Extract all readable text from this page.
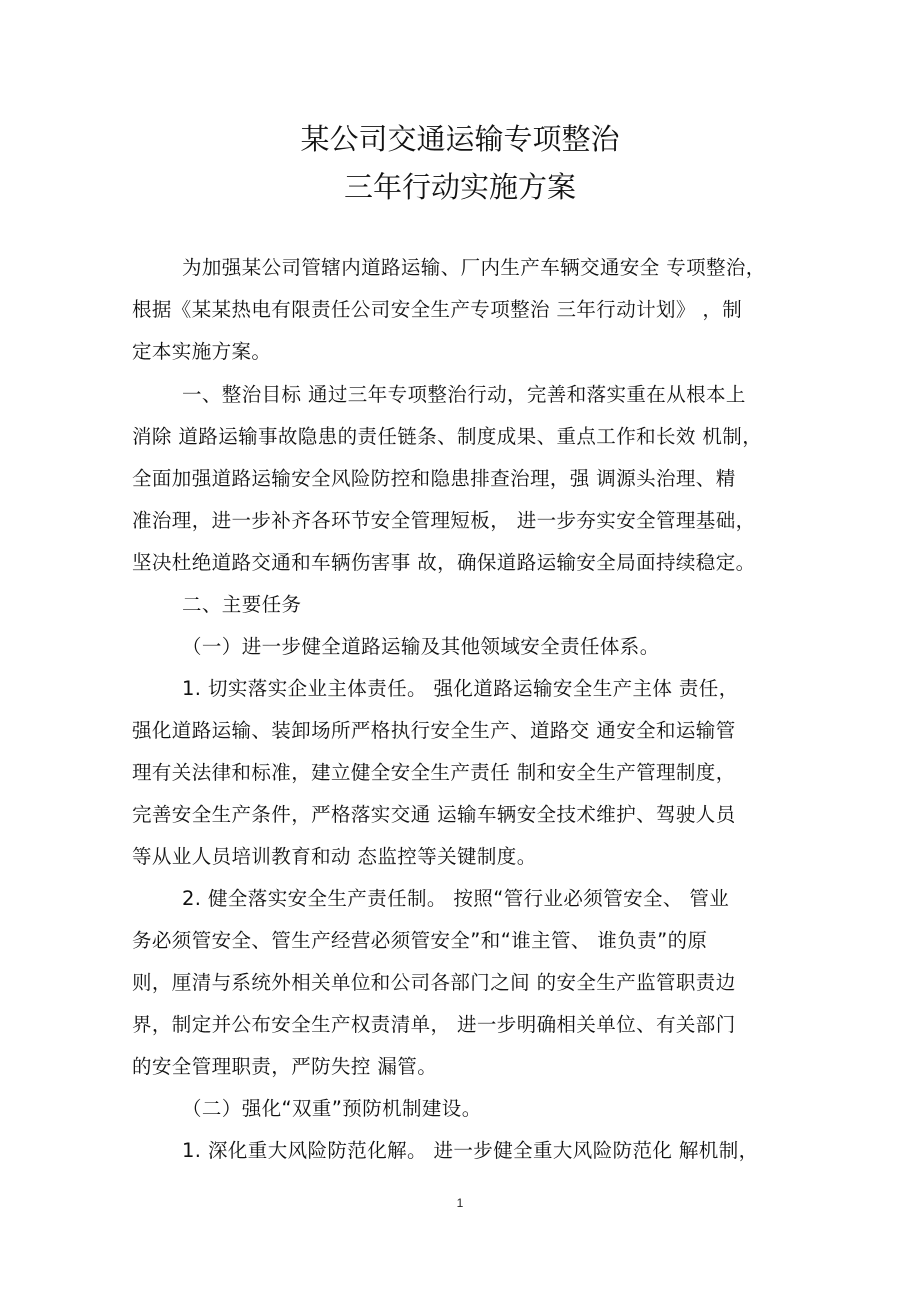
某公司交通运输专项整治
三年行动实施方案
为加强某公司管辖内道路运输、厂内生产车辆交通安全 专项整治，
根据《某某热电有限责任公司安全生产专项整治 三年行动计划》 ，制
定本实施方案。
一、整治目标 通过三年专项整治行动，完善和落实重在从根本上
消除 道路运输事故隐患的责任链条、制度成果、重点工作和长效 机制，
全面加强道路运输安全风险防控和隐患排查治理，强 调源头治理、精
准治理，进一步补齐各环节安全管理短板， 进一步夯实安全管理基础，
坚决杜绝道路交通和车辆伤害事 故，确保道路运输安全局面持续稳定。
二、主要任务
（一）进一步健全道路运输及其他领域安全责任体系。
1. 切实落实企业主体责任。 强化道路运输安全生产主体 责任，
强化道路运输、装卸场所严格执行安全生产、道路交 通安全和运输管
理有关法律和标准，建立健全安全生产责任 制和安全生产管理制度，
完善安全生产条件，严格落实交通 运输车辆安全技术维护、驾驶人员
等从业人员培训教育和动 态监控等关键制度。
2. 健全落实安全生产责任制。 按照“管行业必须管安全、 管业
务必须管安全、管生产经营必须管安全”和“谁主管、 谁负责”的原
则，厘清与系统外相关单位和公司各部门之间 的安全生产监管职责边
界，制定并公布安全生产权责清单， 进一步明确相关单位、有关部门
的安全管理职责，严防失控 漏管。
（二）强化“双重”预防机制建设。
1. 深化重大风险防范化解。 进一步健全重大风险防范化 解机制，
1
